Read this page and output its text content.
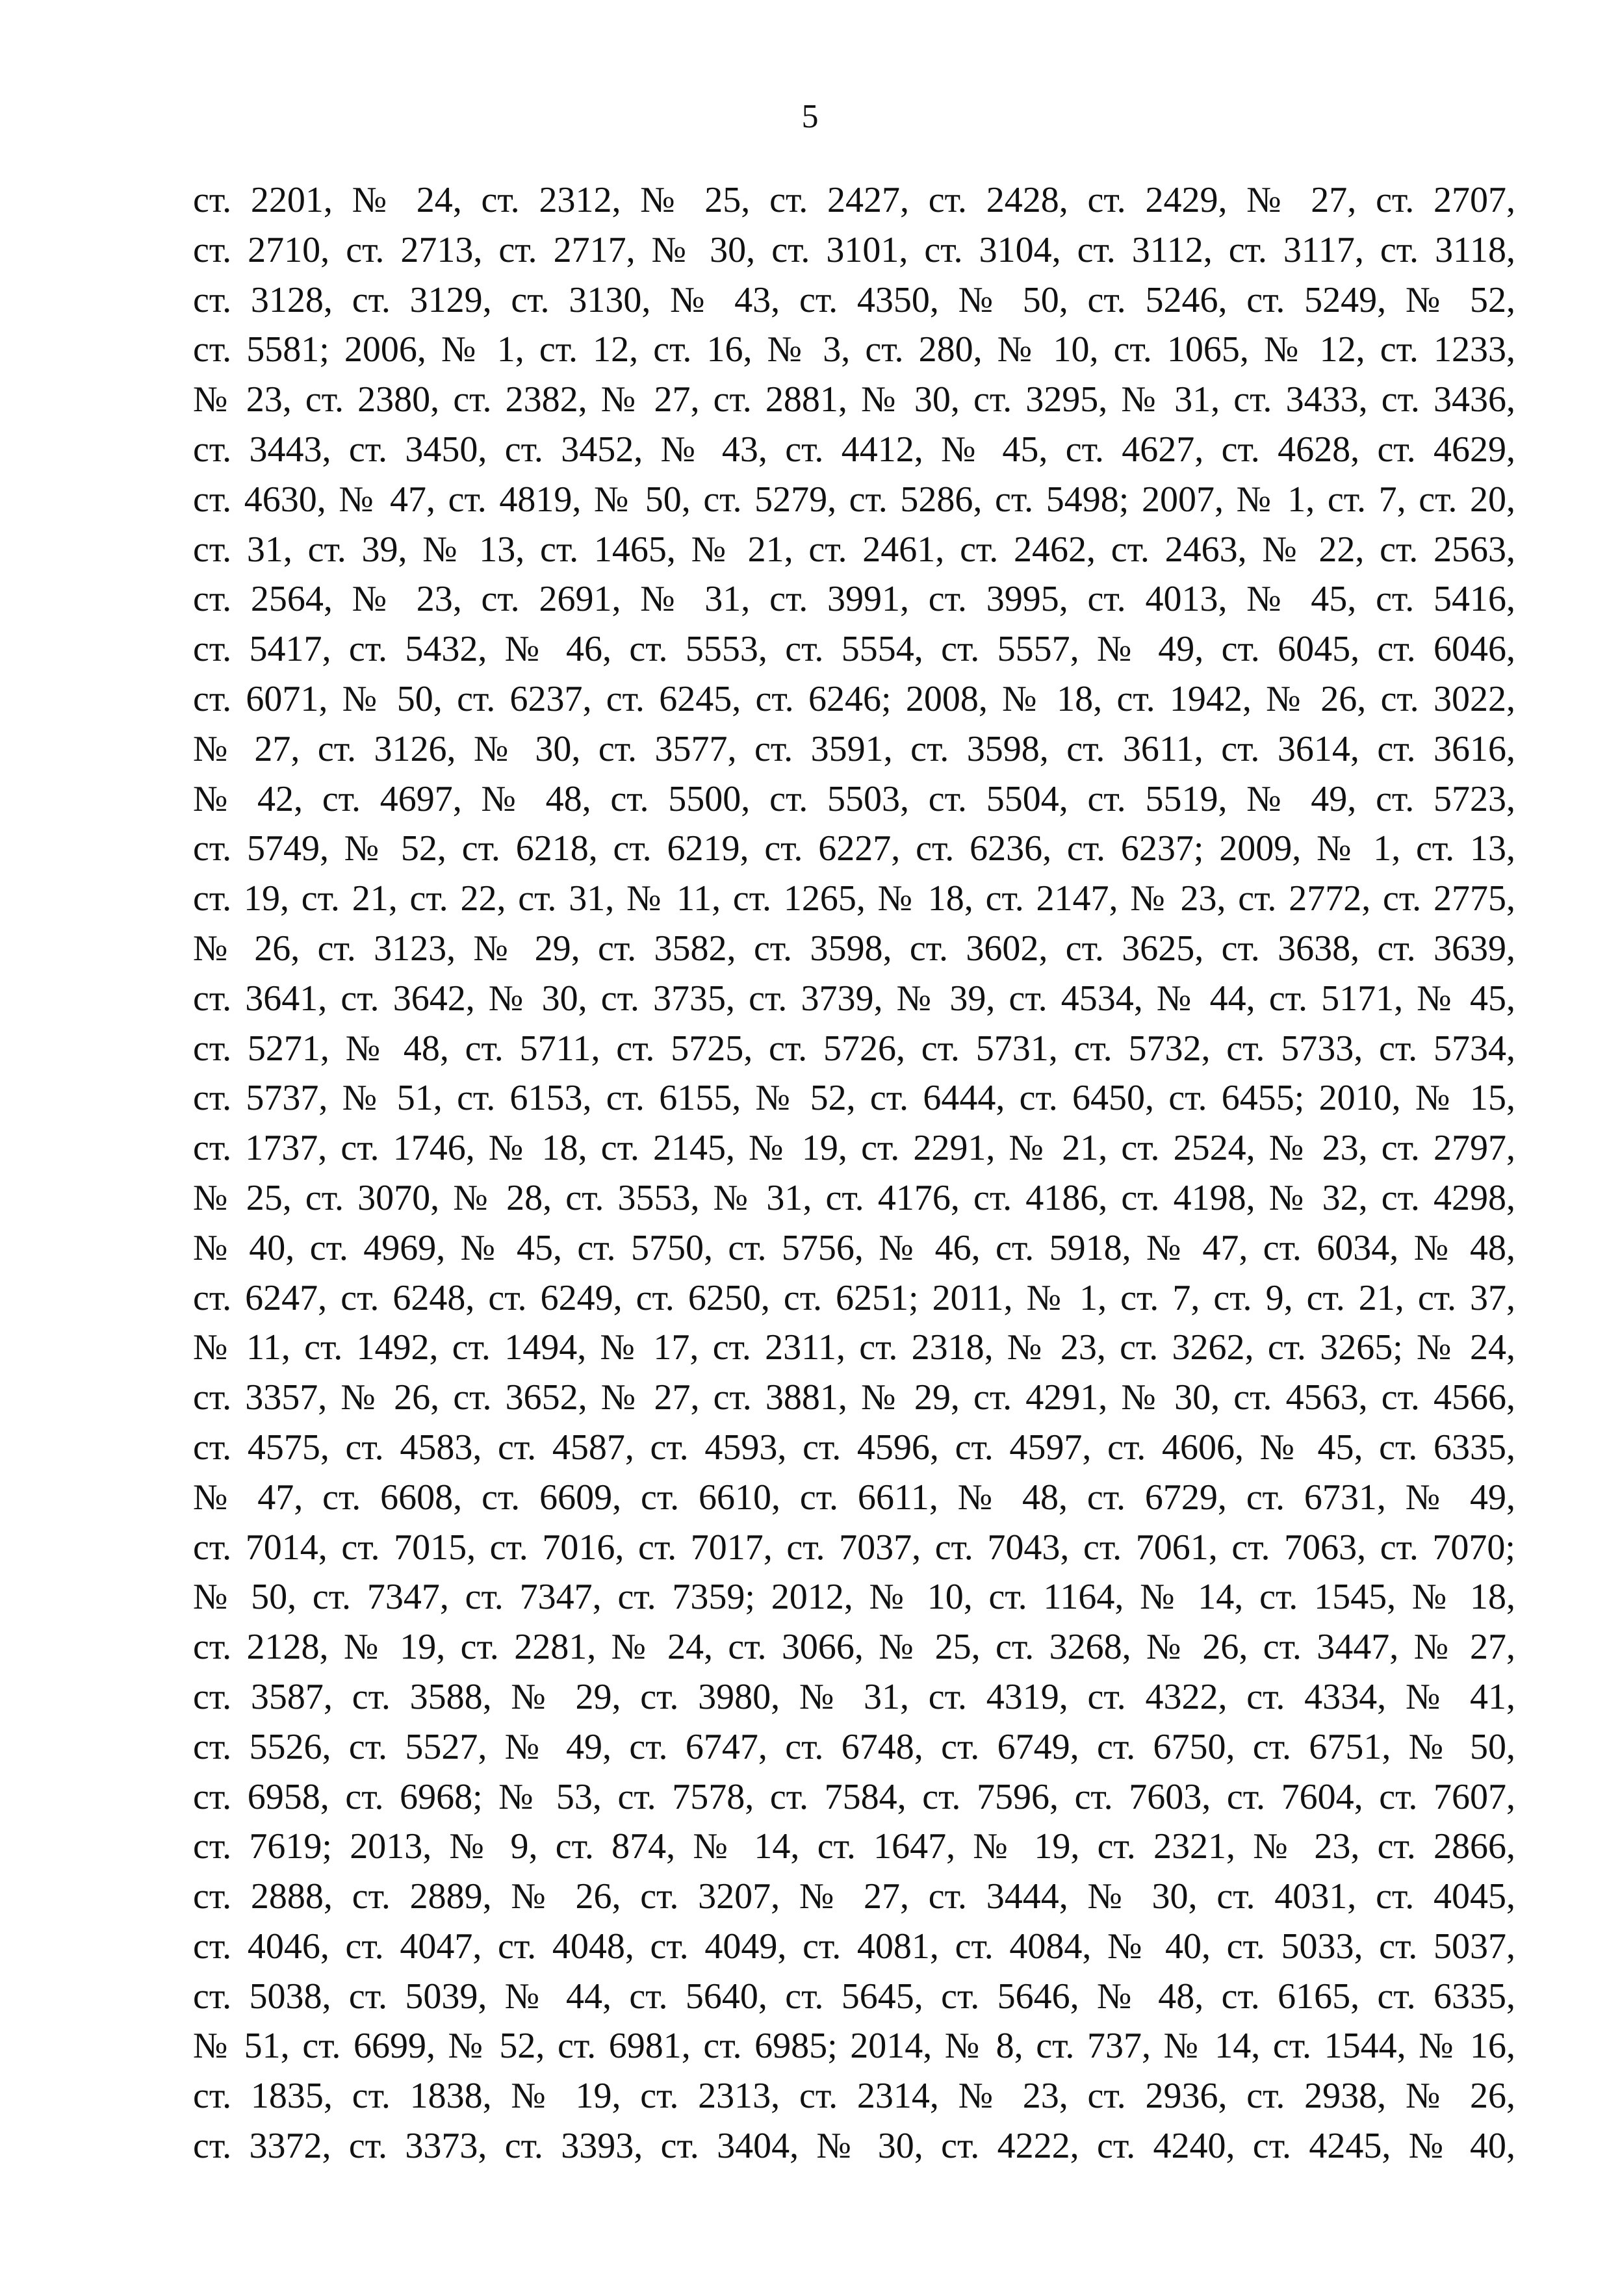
5
ст. 2201, № 24, ст. 2312, № 25, ст. 2427, ст. 2428, ст. 2429, № 27, ст. 2707,
ст. 2710, ст. 2713, ст. 2717, № 30, ст. 3101, ст. 3104, ст. 3112, ст. 3117, ст. 3118,
ст. 3128, ст. 3129, ст. 3130, № 43, ст. 4350, № 50, ст. 5246, ст. 5249, № 52,
ст. 5581; 2006, № 1, ст. 12, ст. 16, № 3, ст. 280, № 10, ст. 1065, № 12, ст. 1233,
№ 23, ст. 2380, ст. 2382, № 27, ст. 2881, № 30, ст. 3295, № 31, ст. 3433, ст. 3436,
ст. 3443, ст. 3450, ст. 3452, № 43, ст. 4412, № 45, ст. 4627, ст. 4628, ст. 4629,
ст. 4630, № 47, ст. 4819, № 50, ст. 5279, ст. 5286, ст. 5498; 2007, № 1, ст. 7, ст. 20,
ст. 31, ст. 39, № 13, ст. 1465, № 21, ст. 2461, ст. 2462, ст. 2463, № 22, ст. 2563,
ст. 2564, № 23, ст. 2691, № 31, ст. 3991, ст. 3995, ст. 4013, № 45, ст. 5416,
ст. 5417, ст. 5432, № 46, ст. 5553, ст. 5554, ст. 5557, № 49, ст. 6045, ст. 6046,
ст. 6071, № 50, ст. 6237, ст. 6245, ст. 6246; 2008, № 18, ст. 1942, № 26, ст. 3022,
№ 27, ст. 3126, № 30, ст. 3577, ст. 3591, ст. 3598, ст. 3611, ст. 3614, ст. 3616,
№ 42, ст. 4697, № 48, ст. 5500, ст. 5503, ст. 5504, ст. 5519, № 49, ст. 5723,
ст. 5749, № 52, ст. 6218, ст. 6219, ст. 6227, ст. 6236, ст. 6237; 2009, № 1, ст. 13,
ст. 19, ст. 21, ст. 22, ст. 31, № 11, ст. 1265, № 18, ст. 2147, № 23, ст. 2772, ст. 2775,
№ 26, ст. 3123, № 29, ст. 3582, ст. 3598, ст. 3602, ст. 3625, ст. 3638, ст. 3639,
ст. 3641, ст. 3642, № 30, ст. 3735, ст. 3739, № 39, ст. 4534, № 44, ст. 5171, № 45,
ст. 5271, № 48, ст. 5711, ст. 5725, ст. 5726, ст. 5731, ст. 5732, ст. 5733, ст. 5734,
ст. 5737, № 51, ст. 6153, ст. 6155, № 52, ст. 6444, ст. 6450, ст. 6455; 2010, № 15,
ст. 1737, ст. 1746, № 18, ст. 2145, № 19, ст. 2291, № 21, ст. 2524, № 23, ст. 2797,
№ 25, ст. 3070, № 28, ст. 3553, № 31, ст. 4176, ст. 4186, ст. 4198, № 32, ст. 4298,
№ 40, ст. 4969, № 45, ст. 5750, ст. 5756, № 46, ст. 5918, № 47, ст. 6034, № 48,
ст. 6247, ст. 6248, ст. 6249, ст. 6250, ст. 6251; 2011, № 1, ст. 7, ст. 9, ст. 21, ст. 37,
№ 11, ст. 1492, ст. 1494, № 17, ст. 2311, ст. 2318, № 23, ст. 3262, ст. 3265; № 24,
ст. 3357, № 26, ст. 3652, № 27, ст. 3881, № 29, ст. 4291, № 30, ст. 4563, ст. 4566,
ст. 4575, ст. 4583, ст. 4587, ст. 4593, ст. 4596, ст. 4597, ст. 4606, № 45, ст. 6335,
№ 47, ст. 6608, ст. 6609, ст. 6610, ст. 6611, № 48, ст. 6729, ст. 6731, № 49,
ст. 7014, ст. 7015, ст. 7016, ст. 7017, ст. 7037, ст. 7043, ст. 7061, ст. 7063, ст. 7070;
№ 50, ст. 7347, ст. 7347, ст. 7359; 2012, № 10, ст. 1164, № 14, ст. 1545, № 18,
ст. 2128, № 19, ст. 2281, № 24, ст. 3066, № 25, ст. 3268, № 26, ст. 3447, № 27,
ст. 3587, ст. 3588, № 29, ст. 3980, № 31, ст. 4319, ст. 4322, ст. 4334, № 41,
ст. 5526, ст. 5527, № 49, ст. 6747, ст. 6748, ст. 6749, ст. 6750, ст. 6751, № 50,
ст. 6958, ст. 6968; № 53, ст. 7578, ст. 7584, ст. 7596, ст. 7603, ст. 7604, ст. 7607,
ст. 7619; 2013, № 9, ст. 874, № 14, ст. 1647, № 19, ст. 2321, № 23, ст. 2866,
ст. 2888, ст. 2889, № 26, ст. 3207, № 27, ст. 3444, № 30, ст. 4031, ст. 4045,
ст. 4046, ст. 4047, ст. 4048, ст. 4049, ст. 4081, ст. 4084, № 40, ст. 5033, ст. 5037,
ст. 5038, ст. 5039, № 44, ст. 5640, ст. 5645, ст. 5646, № 48, ст. 6165, ст. 6335,
№ 51, ст. 6699, № 52, ст. 6981, ст. 6985; 2014, № 8, ст. 737, № 14, ст. 1544, № 16,
ст. 1835, ст. 1838, № 19, ст. 2313, ст. 2314, № 23, ст. 2936, ст. 2938, № 26,
ст. 3372, ст. 3373, ст. 3393, ст. 3404, № 30, ст. 4222, ст. 4240, ст. 4245, № 40,
